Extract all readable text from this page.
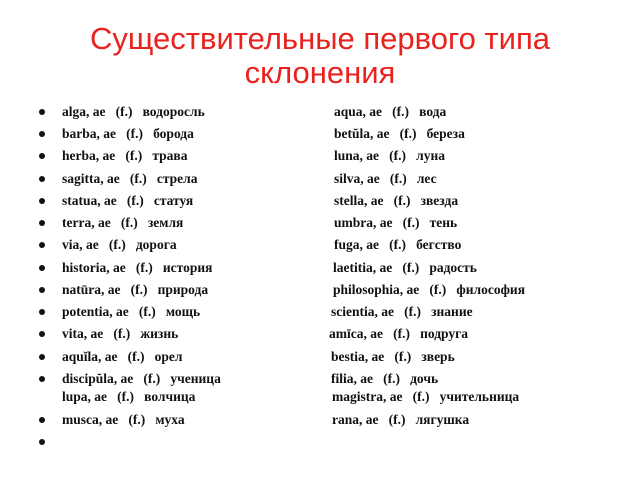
Существительные первого типа склонения
alga, ae   (f.)   водоросль	aqua, ae   (f.)   вода
barba, ae   (f.)   борода	betŭla, ae   (f.)   береза
herba, ae   (f.)   трава	luna, ae   (f.)   луна
sagitta, ae   (f.)   стрела	silva, ae   (f.)   лес
statua, ae   (f.)   статуя	stella, ae   (f.)   звезда
terra, ae   (f.)   земля	umbra, ae   (f.)   тень
via, ae   (f.)   дорога	fuga, ae   (f.)   бегство
historia, ae   (f.)   история	laetitia, ae   (f.)   радость
natūra, ae   (f.)   природа	philosophia, ae   (f.)   философия
potentia, ae   (f.)   мощь	scientia, ae   (f.)   знание
vita, ae   (f.)   жизнь	amīca, ae   (f.)   подруга
aquĭla, ae   (f.)   орел	bestia, ae   (f.)   зверь
discipŭla, ae   (f.)   ученица	filia, ae   (f.)   дочь
lupa, ae   (f.)   волчица	magistra, ae   (f.)   учительница
musca, ae   (f.)   муха	rana, ae   (f.)   лягушка
